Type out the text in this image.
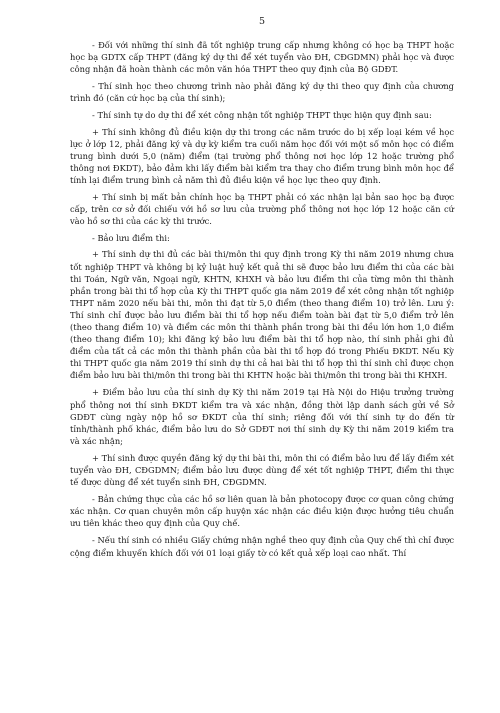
5

- Đối với những thí sinh đã tốt nghiệp trung cấp nhưng không có học bạ THPT hoặc học bạ GDTX cấp THPT (đăng ký dự thi để xét tuyển vào ĐH, CĐGDMN) phải học và được công nhận đã hoàn thành các môn văn hóa THPT theo quy định của Bộ GDĐT.

- Thí sinh học theo chương trình nào phải đăng ký dự thi theo quy định của chương trình đó (căn cứ học bạ của thí sinh);

- Thí sinh tự do dự thi để xét công nhận tốt nghiệp THPT thực hiện quy định sau:

+ Thí sinh không đủ điều kiện dự thi trong các năm trước do bị xếp loại kém về học lực ở lớp 12, phải đăng ký và dự kỳ kiểm tra cuối năm học đối với một số môn học có điểm trung bình dưới 5,0 (năm) điểm (tại trường phổ thông nơi học lớp 12 hoặc trường phổ thông nơi ĐKDT), bảo đảm khi lấy điểm bài kiểm tra thay cho điểm trung bình môn học để tính lại điểm trung bình cả năm thì đủ điều kiện về học lực theo quy định.

+ Thí sinh bị mất bản chính học bạ THPT phải có xác nhận lại bản sao học bạ được cấp, trên cơ sở đối chiếu với hồ sơ lưu của trường phổ thông nơi học lớp 12 hoặc căn cứ vào hồ sơ thi của các kỳ thi trước.

- Bảo lưu điểm thi:

+ Thí sinh dự thi đủ các bài thi/môn thi quy định trong Kỳ thi năm 2019 nhưng chưa tốt nghiệp THPT và không bị kỷ luật huỷ kết quả thi sẽ được bảo lưu điểm thi của các bài thi Toán, Ngữ văn, Ngoại ngữ, KHTN, KHXH và bảo lưu điểm thi của từng môn thi thành phần trong bài thi tổ hợp của Kỳ thi THPT quốc gia năm 2019 để xét công nhận tốt nghiệp THPT năm 2020 nếu bài thi, môn thi đạt từ 5,0 điểm (theo thang điểm 10) trở lên. Lưu ý: Thí sinh chỉ được bảo lưu điểm bài thi tổ hợp nếu điểm toàn bài đạt từ 5,0 điểm trở lên (theo thang điểm 10) và điểm các môn thi thành phần trong bài thi đều lớn hơn 1,0 điểm (theo thang điểm 10); khi đăng ký bảo lưu điểm bài thi tổ hợp nào, thí sinh phải ghi đủ điểm của tất cả các môn thi thành phần của bài thi tổ hợp đó trong Phiếu ĐKDT. Nếu Kỳ thi THPT quốc gia năm 2019 thí sinh dự thi cả hai bài thi tổ hợp thì thí sinh chỉ được chọn điểm bảo lưu bài thi/môn thi trong bài thi KHTN hoặc bài thi/môn thi trong bài thi KHXH.

+ Điểm bảo lưu của thí sinh dự Kỳ thi năm 2019 tại Hà Nội do Hiệu trưởng trường phổ thông nơi thí sinh ĐKDT kiểm tra và xác nhận, đồng thời lập danh sách gửi về Sở GDĐT cùng ngày nộp hồ sơ ĐKDT của thí sinh; riêng đối với thí sinh tự do đến từ tỉnh/thành phố khác, điểm bảo lưu do Sở GDĐT nơi thí sinh dự Kỳ thi năm 2019 kiểm tra và xác nhận;

+ Thí sinh được quyền đăng ký dự thi bài thi, môn thi có điểm bảo lưu để lấy điểm xét tuyển vào ĐH, CĐGDMN; điểm bảo lưu được dùng để xét tốt nghiệp THPT, điểm thi thực tế được dùng để xét tuyển sinh ĐH, CĐGDMN.

- Bản chứng thực của các hồ sơ liên quan là bản photocopy được cơ quan công chứng xác nhận. Cơ quan chuyên môn cấp huyện xác nhận các điều kiện được hưởng tiêu chuẩn ưu tiên khác theo quy định của Quy chế.

- Nếu thí sinh có nhiều Giấy chứng nhận nghề theo quy định của Quy chế thì chỉ được cộng điểm khuyến khích đối với 01 loại giấy tờ có kết quả xếp loại cao nhất. Thí
